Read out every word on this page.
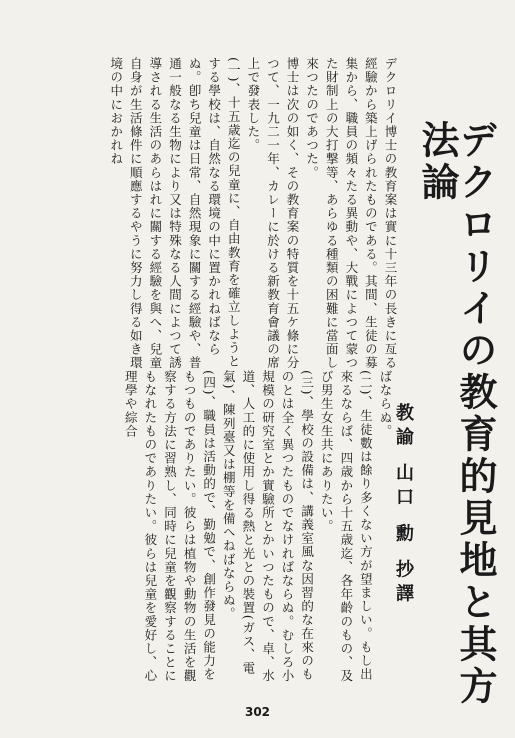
デクロリイの教育的見地と其方法論
教諭 山口 勳 抄譯
デクロリイ博士の教育案は實に十三年の長きに亙る經驗から築上げられたものである。其間、生徒の募集から、職員の頻々たる異動や、大戰によつて蒙つた財制上の大打撃等、あらゆる種類の困難に當面し來つたのであつた。
博士は次の如く、その教育案の特質を十五ケ條に分つて、一九二一年、カレーに於ける新教育會議の席上で發表した。
(一)、十五歳迄の兒童に、自由教育を確立しようとする學校は、自然なる環境の中に置かれねばならぬ。卽ち兒童は日常、自然現象に關する經驗や、普通一般なる生物により又は特殊なる人間によつて誘導される生活のあらはれに關する經驗を與へ、兒童自身が生活條件に順應するやうに努力し得る如き環境の中におかれね
ばならぬ。
(二)、生徒數は餘り多くない方が望ましい。もし出來るならば、四歳から十五歳迄、各年齡のもの、及び男生女生共にありたい。
(三)、學校の設備は、講義室風な因習的な在來のものとは全く異つたものでなければならぬ。むしろ小規模の研究室とか實驗所とかいつたもので、卓、水道、人工的に使用し得る熱と光との裝置(ガス、電氣)、陳列臺又は棚等を備へねばならぬ。
(四)、職員は活動的で、勤勉で、創作發見の能力をもつものでありたい。彼らは植物や動物の生活を觀察する方法に習熟し、同時に兒童を觀察することにもなれたものでありたい。彼らは兒童を愛好し、心理學や綜合
302
